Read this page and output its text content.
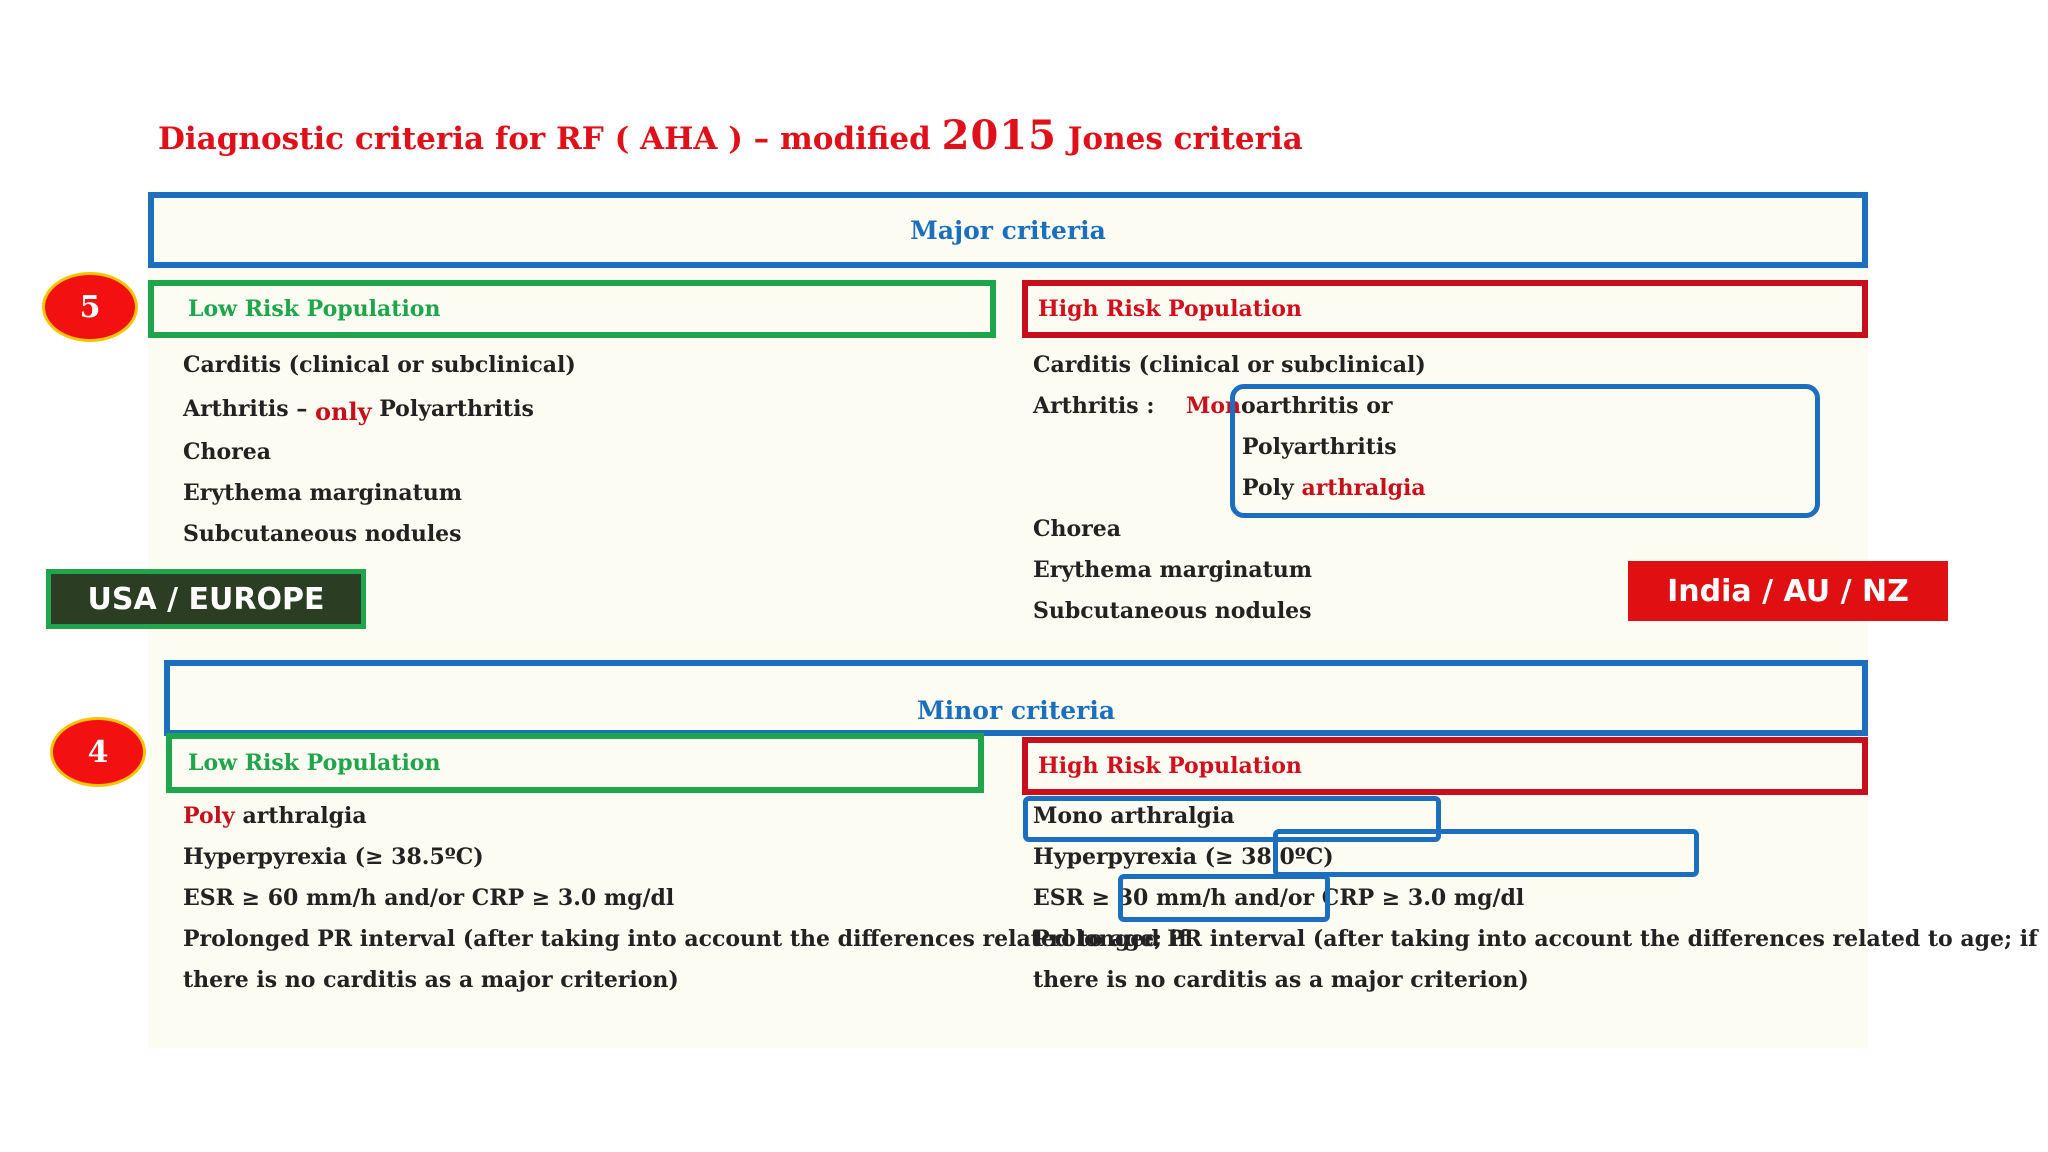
Diagnostic criteria for RF ( AHA ) – modified 2015 Jones criteria
Major criteria
5	Low Risk Population	High Risk Population
Carditis (clinical or subclinical)
Arthritis – only Polyarthritis
Chorea
Erythema marginatum
Subcutaneous nodules
Carditis (clinical or subclinical)
Arthritis : Monoarthritis or
Polyarthritis
Poly arthralgia
Chorea
Erythema marginatum
Subcutaneous nodules
USA / EUROPE	India / AU / NZ
Minor criteria
4	Low Risk Population	High Risk Population
Poly arthralgia
Hyperpyrexia (≥ 38.5ºC)
ESR ≥ 60 mm/h and/or CRP ≥ 3.0 mg/dl
Prolonged PR interval (after taking into account the differences related to age; if
there is no carditis as a major criterion)
Mono arthralgia
Hyperpyrexia (≥ 38.0ºC)
ESR ≥ 30 mm/h and/or CRP ≥ 3.0 mg/dl
Prolonged PR interval (after taking into account the differences related to age; if
there is no carditis as a major criterion)
